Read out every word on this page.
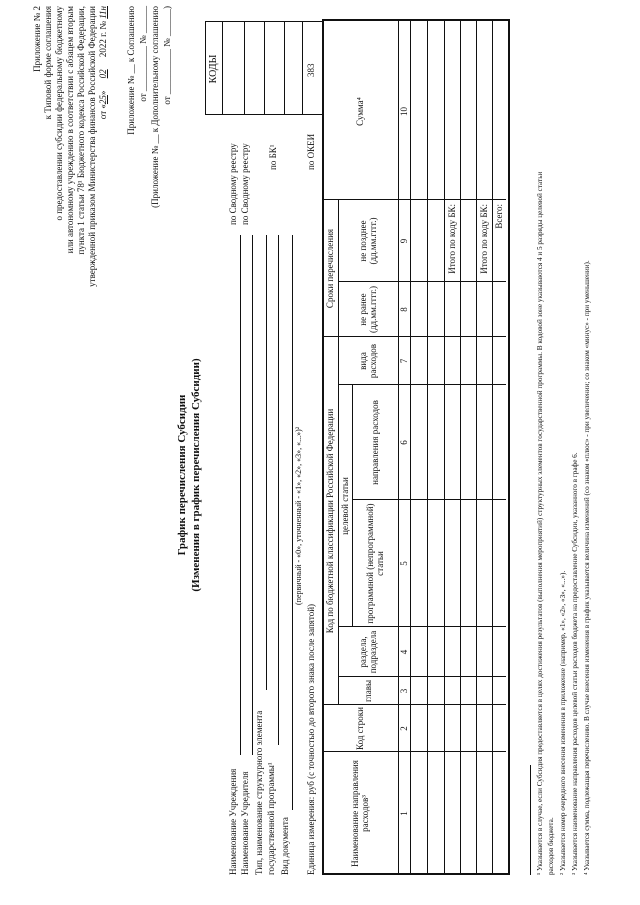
Приложение № 2 к Типовой форме соглашения о предоставлении субсидии федеральному бюджетному или автономному учреждению в соответствии с абзацем вторым пункта 1 статьи 78¹ Бюджетного кодекса Российской Федерации, утвержденной приказом Министерства финансов Российской Федерации от «25» 02 2022 г. № 11н Приложение № __ к Соглашению от __________ № ______ (Приложение № __ к Дополнительному соглашению от __________ № ______)
График перечисления Субсидии (Изменения в график перечисления Субсидии)
КОДЫ
Наименование Учреждения
по Сводному реестру
Наименование Учредителя
по Сводному реестру
Тип, наименование структурного элемента государственной программы¹
по БК¹
Вид документа
(первичный - «0», уточненный - «1», «2», «3», «...»)²
Единица измерения: руб (с точностью до второго знака после запятой)
по ОКЕИ
383
Наименование направления расходов³
Код строки
Код по бюджетной классификации Российской Федерации
главы
раздела, подраздела
целевой статьи	программной (непрограммной) статьи
направления расходов
вида расходов
Сроки перечисления
не ранее (дд.мм.гггг.)
не позднее (дд.мм.гггг.)
Сумма⁴
1
2
3
4
5
6
7
8
9
10
Итого по коду БК: Итого по коду БК: Всего:	¹ Указывается в случае, если Субсидия предоставляется в целях достижения результатов (выполнения мероприятий) структурных элементов государственной программы. В кодовой зоне указываются 4 и 5 разряды целевой статьи расходов бюджета. ² Указывается номер очередного внесения изменения в приложение (например, «1», «2», «3», «...»). ³ Указывается наименование направления расходов целевой статьи расходов бюджета на предоставление Субсидии, указанного в графе 6. ⁴ Указывается сумма, подлежащая перечислению. В случае внесения изменения в график указывается величина изменений (со знаком «плюс» - при увеличении; со знаком «минус» - при уменьшении).
